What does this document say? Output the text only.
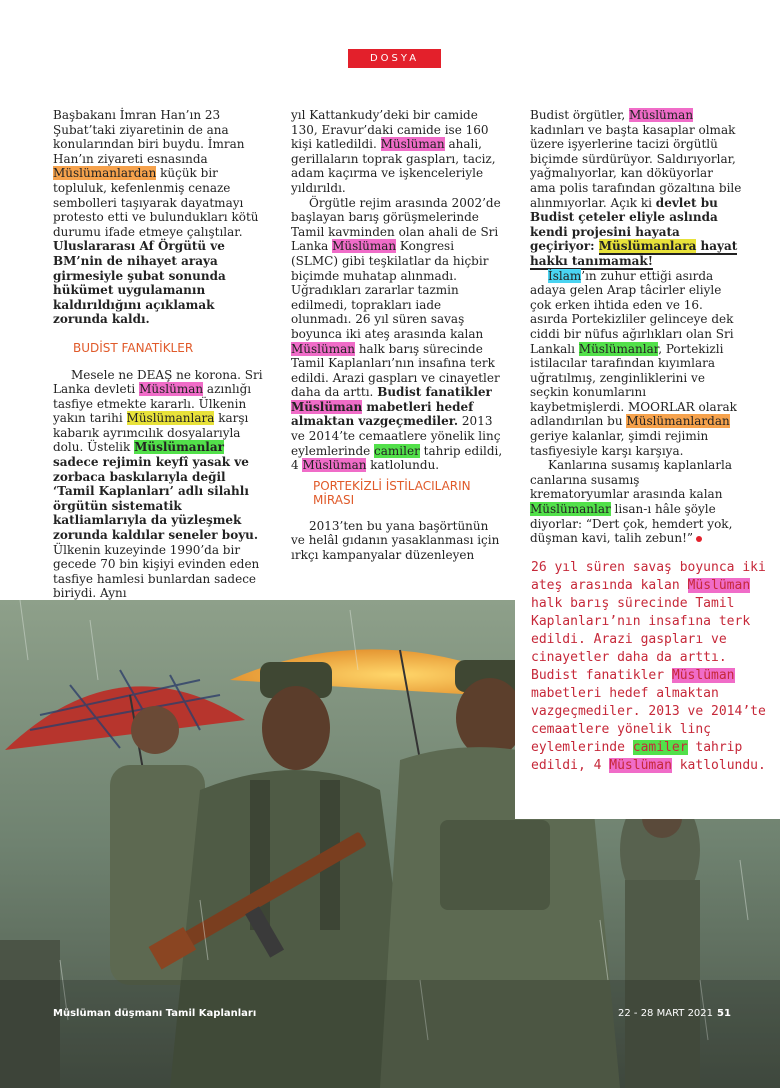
DOSYA

Başbakanı İmran Han’ın 23 Şubat’taki ziyaretinin de ana konularından biri buydu. İmran Han’ın ziyareti esnasında Müslümanlardan küçük bir topluluk, kefenlenmiş cenaze sembolleri taşıyarak dayatmayı protesto etti ve bulundukları kötü durumu ifade etmeye çalıştılar. Uluslararası Af Örgütü ve BM’nin de nihayet araya girmesiyle şubat sonunda hükümet uygulamanın kaldırıldığını açıklamak zorunda kaldı.

BUDİST FANATİKLER

Mesele ne DEAŞ ne korona. Sri Lanka devleti Müslüman azınlığı tasfiye etmekte kararlı. Ülkenin yakın tarihi Müslümanlara karşı kabarık ayrımcılık dosyalarıyla dolu. Üstelik Müslümanlar sadece rejimin keyfî yasak ve zorbaca baskılarıyla değil ‘Tamil Kaplanları’ adlı silahlı örgütün sistematik katliamlarıyla da yüzleşmek zorunda kaldılar seneler boyu. Ülkenin kuzeyinde 1990’da bir gecede 70 bin kişiyi evinden eden tasfiye hamlesi bunlardan sadece biriydi. Aynı

yıl Kattankudy’deki bir camide 130, Eravur’daki camide ise 160 kişi katledildi. Müslüman ahali, gerillaların toprak gaspları, taciz, adam kaçırma ve işkenceleriyle yıldırıldı.

Örgütle rejim arasında 2002’de başlayan barış görüşmelerinde Tamil kavminden olan ahali de Sri Lanka Müslüman Kongresi (SLMC) gibi teşkilatlar da hiçbir biçimde muhatap alınmadı. Uğradıkları zararlar tazmin edilmedi, toprakları iade olunmadı. 26 yıl süren savaş boyunca iki ateş arasında kalan Müslüman halk barış sürecinde Tamil Kaplanları’nın insafına terk edildi. Arazi gaspları ve cinayetler daha da arttı. Budist fanatikler Müslüman mabetleri hedef almaktan vazgeçmediler. 2013 ve 2014’te cemaatlere yönelik linç eylemlerinde camiler tahrip edildi, 4 Müslüman katlolundu.

PORTEKİZLİ İSTİLACILARIN MİRASI

2013’ten bu yana başörtünün ve helâl gıdanın yasaklanması için ırkçı kampanyalar düzenleyen

Budist örgütler, Müslüman kadınları ve başta kasaplar olmak üzere işyerlerine tacizi örgütlü biçimde sürdürüyor. Saldırıyorlar, yağmalıyorlar, kan döküyorlar ama polis tarafından gözaltına bile alınmıyorlar. Açık ki devlet bu Budist çeteler eliyle aslında kendi projesini hayata geçiriyor: Müslümanlara hayat hakkı tanımamak!

İslam’ın zuhur ettiği asırda adaya gelen Arap tâcirler eliyle çok erken ihtida eden ve 16. asırda Portekizliler gelinceye dek ciddi bir nüfus ağırlıkları olan Sri Lankalı Müslümanlar, Portekizli istilacılar tarafından kıyımlara uğratılmış, zenginliklerini ve seçkin konumlarını kaybetmişlerdi. MOORLAR olarak adlandırılan bu Müslümanlardan geriye kalanlar, şimdi rejimin tasfiyesiyle karşı karşıya.

Kanlarına susamış kaplanlarla canlarına susamış krematoryumlar arasında kalan Müslümanlar lisan-ı hâle şöyle diyorlar: “Dert çok, hemdert yok, düşman kavi, talih zebun!”

26 yıl süren savaş boyunca iki ateş arasında kalan Müslüman halk barış sürecinde Tamil Kaplanları’nın insafına terk edildi. Arazi gaspları ve cinayetler daha da arttı. Budist fanatikler Müslüman mabetleri hedef almaktan vazgeçmediler. 2013 ve 2014’te cemaatlere yönelik linç eylemlerinde camiler tahrip edildi, 4 Müslüman katlolundu.
Müslüman düşmanı Tamil Kaplanları	22 - 28 MART 2021 51
